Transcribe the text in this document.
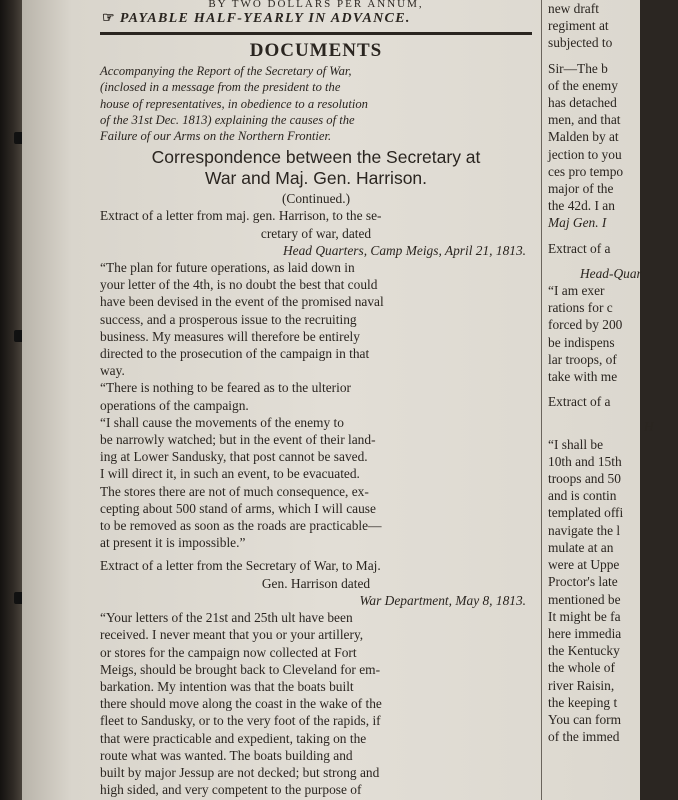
BY TWO DOLLARS PER ANNUM,
☞ PAYABLE HALF-YEARLY IN ADVANCE.
DOCUMENTS
Accompanying the Report of the Secretary of War,
(inclosed in a message from the president to the
house of representatives, in obedience to a resolution
of the 31st Dec. 1813) explaining the causes of the
Failure of our Arms on the Northern Frontier.
Correspondence between the Secretary at
War and Maj. Gen. Harrison.
(Continued.)
Extract of a letter from maj. gen. Harrison, to the se-
cretary of war, dated
Head Quarters, Camp Meigs, April 21, 1813.
“The plan for future operations, as laid down in
your letter of the 4th, is no doubt the best that could
have been devised in the event of the promised naval
success, and a prosperous issue to the recruiting
business. My measures will therefore be entirely
directed to the prosecution of the campaign in that
way.
“There is nothing to be feared as to the ulterior
operations of the campaign.
“I shall cause the movements of the enemy to
be narrowly watched; but in the event of their land-
ing at Lower Sandusky, that post cannot be saved.
I will direct it, in such an event, to be evacuated.
The stores there are not of much consequence, ex-
cepting about 500 stand of arms, which I will cause
to be removed as soon as the roads are practicable—
at present it is impossible.”
Extract of a letter from the Secretary of War, to Maj.
Gen. Harrison dated
War Department, May 8, 1813.
“Your letters of the 21st and 25th ult have been
received. I never meant that you or your artillery,
or stores for the campaign now collected at Fort
Meigs, should be brought back to Cleveland for em-
barkation. My intention was that the boats built
there should move along the coast in the wake of the
fleet to Sandusky, or to the very foot of the rapids, if
that were practicable and expedient, taking on the
route what was wanted. The boats building and
built by major Jessup are not decked; but strong and
high sided, and very competent to the purpose of
new draft
regiment at
subjected to
Sir—The b
of the enemy
has detached
men, and that
Malden by at
jection to you
ces pro tempo
major of the
the 42d. I an
Maj Gen. I
Extract of a
Head-Quar
“I am exer
rations for c
forced by 200
be indispens
lar troops, of
take with me
Extract of a
H
“I shall be
10th and 15th
troops and 50
and is contin
templated offi
navigate the l
mulate at an
were at Uppe
Proctor's late
mentioned be
It might be fa
here immedia
the Kentucky
the whole of
river Raisin,
the keeping t
You can form
of the immed
